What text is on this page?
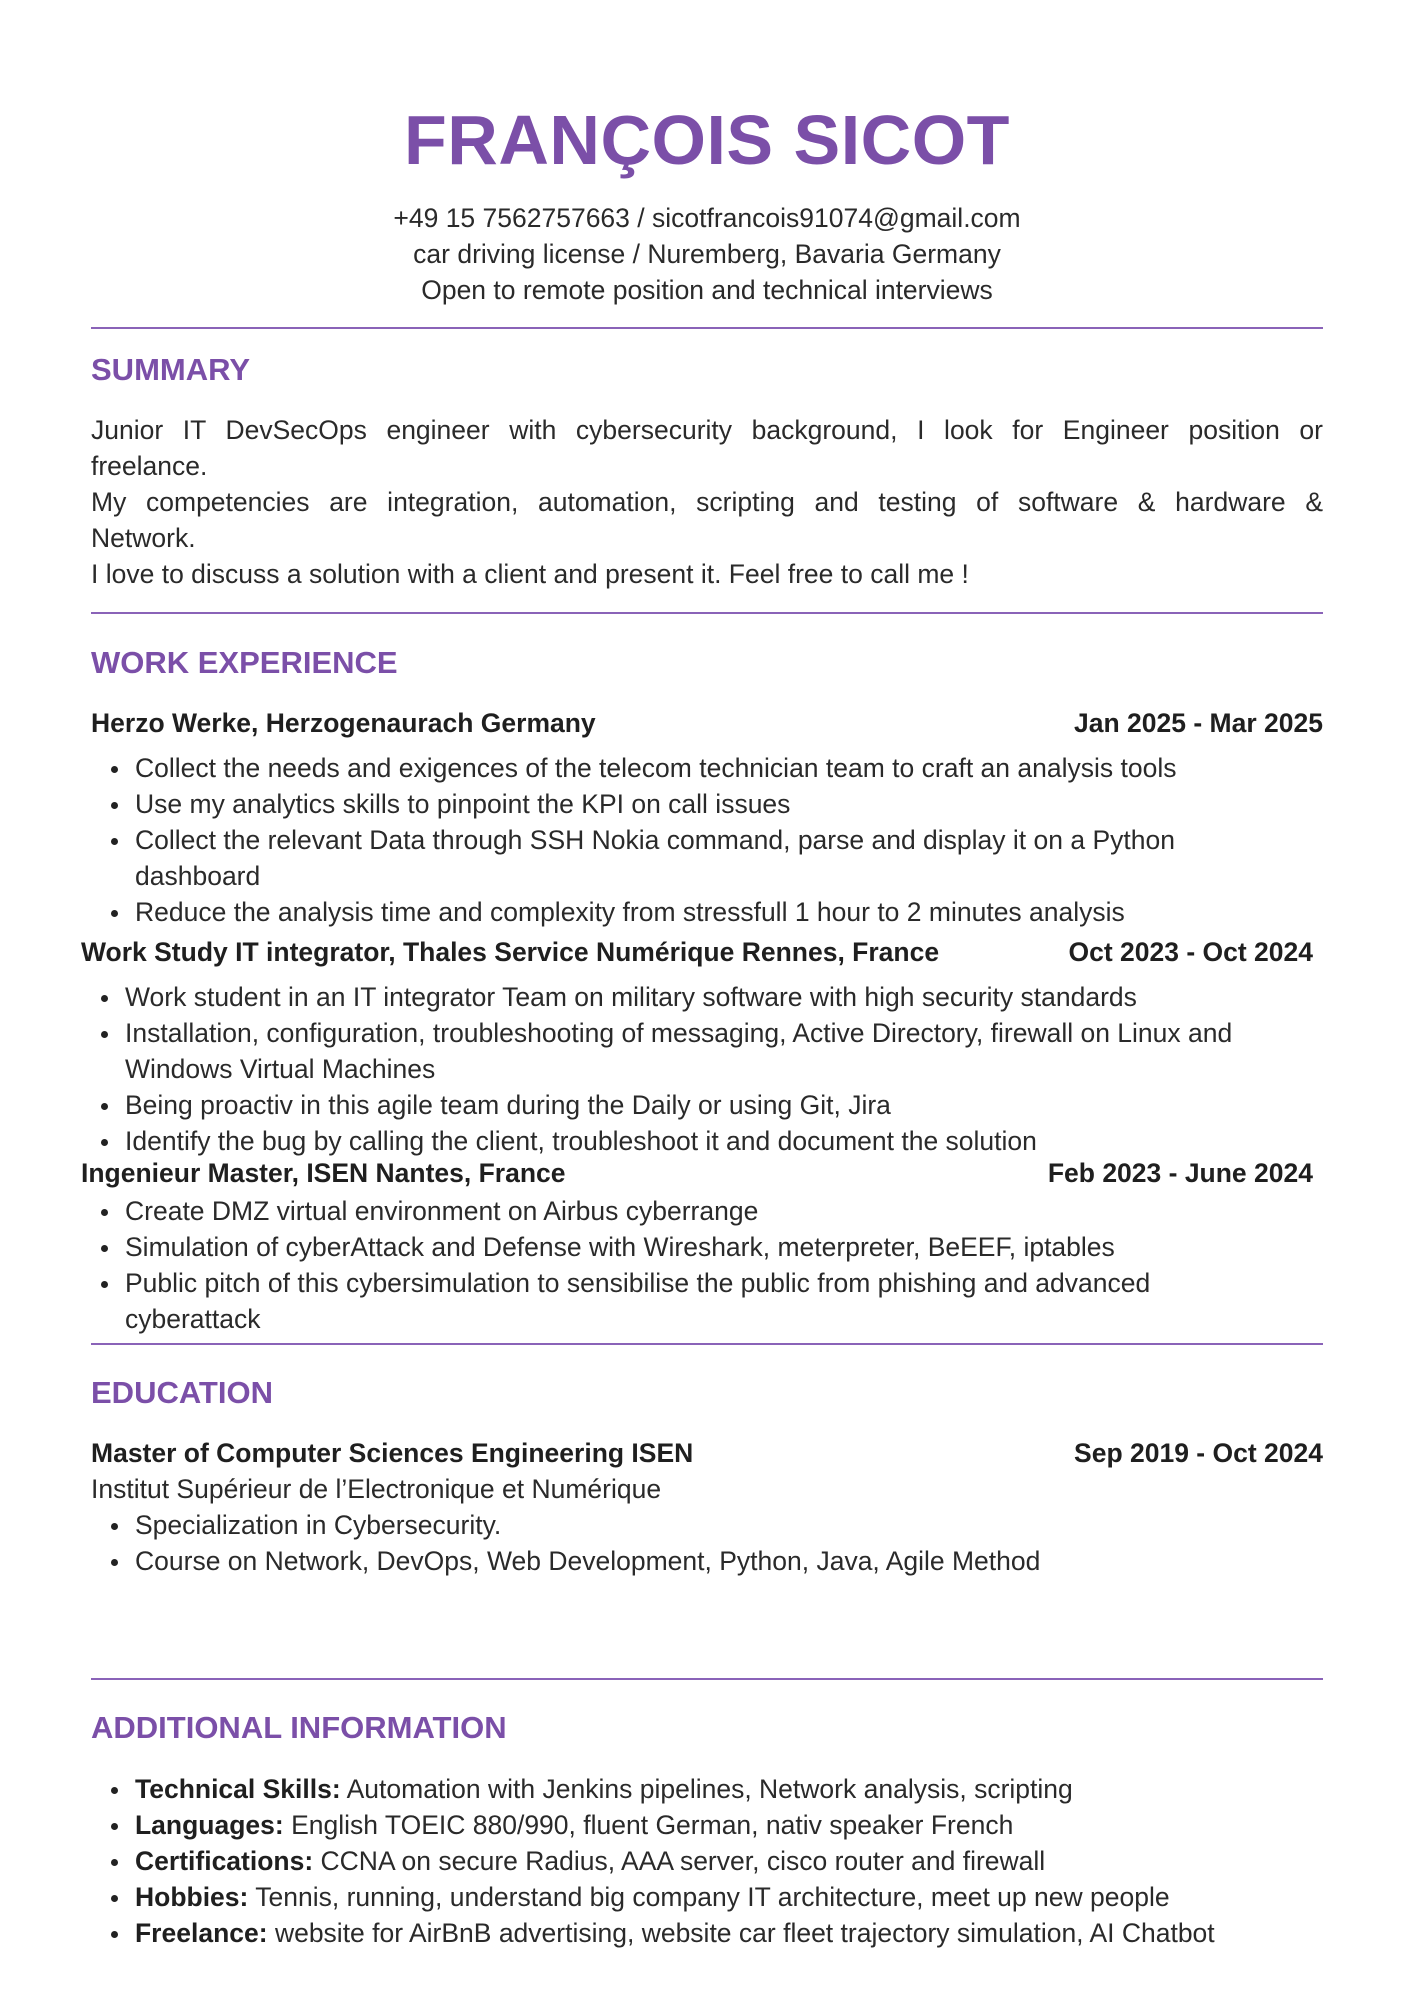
FRANÇOIS SICOT
+49 15 7562757663 / sicotfrancois91074@gmail.com
car driving license / Nuremberg, Bavaria Germany
Open to remote position and technical interviews
SUMMARY
Junior IT DevSecOps engineer with cybersecurity background, I look for Engineer position or
freelance.
My competencies are integration, automation, scripting and testing of software & hardware &
Network.
I love to discuss a solution with a client and present it. Feel free to call me !
WORK EXPERIENCE
Herzo Werke, Herzogenaurach Germany	Jan 2025 - Mar 2025
Collect the needs and exigences of the telecom technician team to craft an analysis tools
Use my analytics skills to pinpoint the KPI on call issues
Collect the relevant Data through SSH Nokia command, parse and display it on a Python dashboard
Reduce the analysis time and complexity from stressfull 1 hour to 2 minutes analysis
Work Study IT integrator, Thales Service Numérique Rennes, France	Oct 2023 - Oct 2024
Work student in an IT integrator Team on military software with high security standards
Installation, configuration, troubleshooting of messaging, Active Directory, firewall on Linux and Windows Virtual Machines
Being proactiv in this agile team during the Daily or using Git, Jira
Identify the bug by calling the client, troubleshoot it and document the solution
Ingenieur Master, ISEN Nantes, France	Feb 2023 - June 2024
Create DMZ virtual environment on Airbus cyberrange
Simulation of cyberAttack and Defense with Wireshark, meterpreter, BeEEF, iptables
Public pitch of this cybersimulation to sensibilise the public from phishing and advanced cyberattack
EDUCATION
Master of Computer Sciences Engineering ISEN	Sep 2019 - Oct 2024
Institut Supérieur de l’Electronique et Numérique
Specialization in Cybersecurity.
Course on Network, DevOps, Web Development, Python, Java, Agile Method
ADDITIONAL INFORMATION
Technical Skills: Automation with Jenkins pipelines, Network analysis, scripting
Languages: English TOEIC 880/990, fluent German, nativ speaker French
Certifications: CCNA on secure Radius, AAA server, cisco router and firewall
Hobbies: Tennis, running, understand big company IT architecture, meet up new people
Freelance: website for AirBnB advertising, website car fleet trajectory simulation, AI Chatbot
